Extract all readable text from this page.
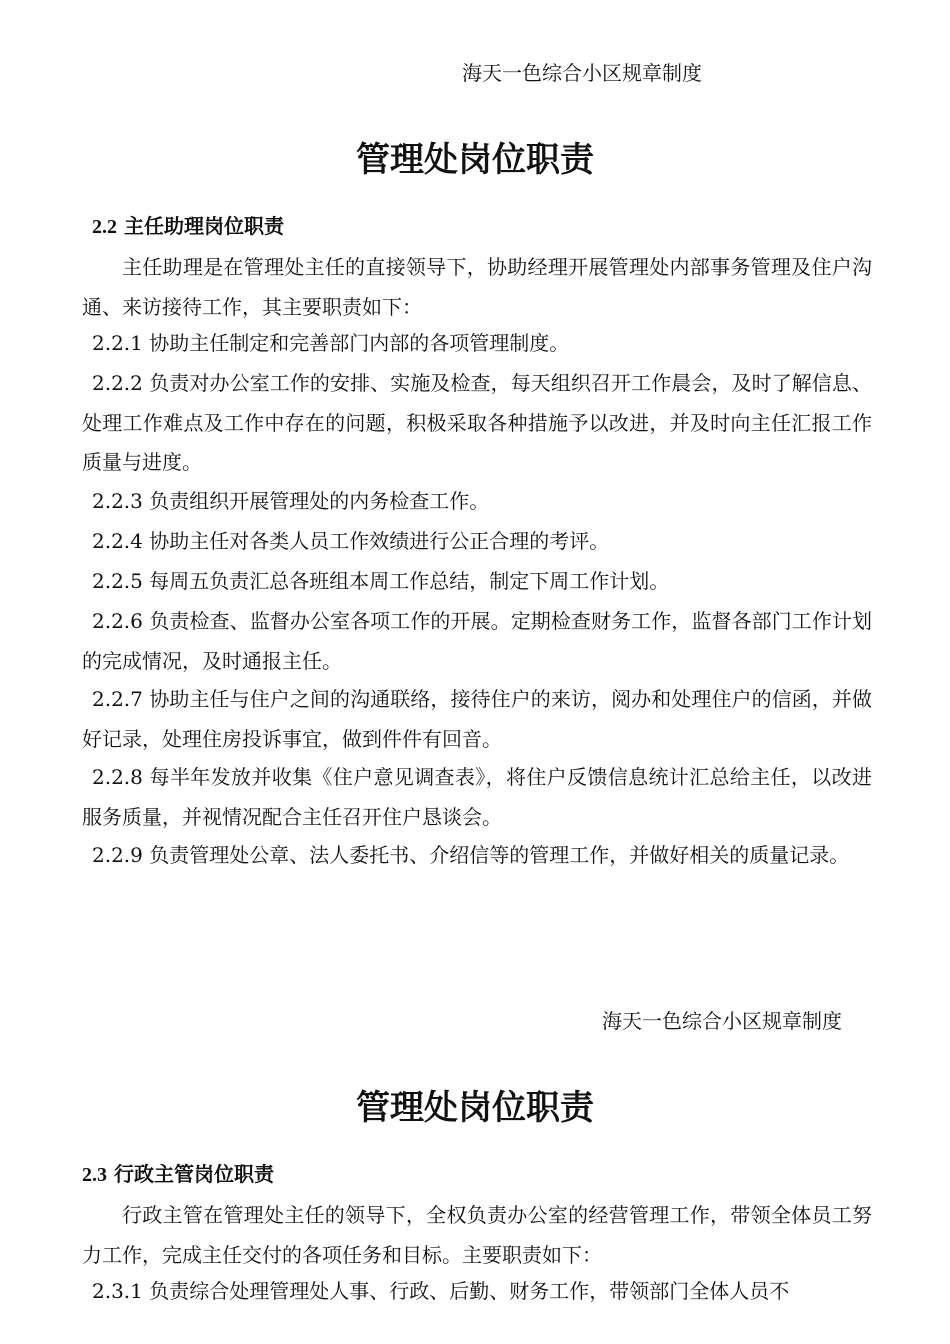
海天一色综合小区规章制度
管理处岗位职责
2.2 主任助理岗位职责
主任助理是在管理处主任的直接领导下，协助经理开展管理处内部事务管理及住户沟通、来访接待工作，其主要职责如下：
2.2.1 协助主任制定和完善部门内部的各项管理制度。
2.2.2 负责对办公室工作的安排、实施及检查，每天组织召开工作晨会，及时了解信息、处理工作难点及工作中存在的问题，积极采取各种措施予以改进，并及时向主任汇报工作质量与进度。
2.2.3 负责组织开展管理处的内务检查工作。
2.2.4 协助主任对各类人员工作效绩进行公正合理的考评。
2.2.5 每周五负责汇总各班组本周工作总结，制定下周工作计划。
2.2.6 负责检查、监督办公室各项工作的开展。定期检查财务工作，监督各部门工作计划的完成情况，及时通报主任。
2.2.7 协助主任与住户之间的沟通联络，接待住户的来访，阅办和处理住户的信函，并做好记录，处理住房投诉事宜，做到件件有回音。
2.2.8 每半年发放并收集《住户意见调查表》，将住户反馈信息统计汇总给主任，以改进服务质量，并视情况配合主任召开住户恳谈会。
2.2.9 负责管理处公章、法人委托书、介绍信等的管理工作，并做好相关的质量记录。
海天一色综合小区规章制度
管理处岗位职责
2.3 行政主管岗位职责
行政主管在管理处主任的领导下，全权负责办公室的经营管理工作，带领全体员工努力工作，完成主任交付的各项任务和目标。主要职责如下：
2.3.1 负责综合处理管理处人事、行政、后勤、财务工作，带领部门全体人员不
